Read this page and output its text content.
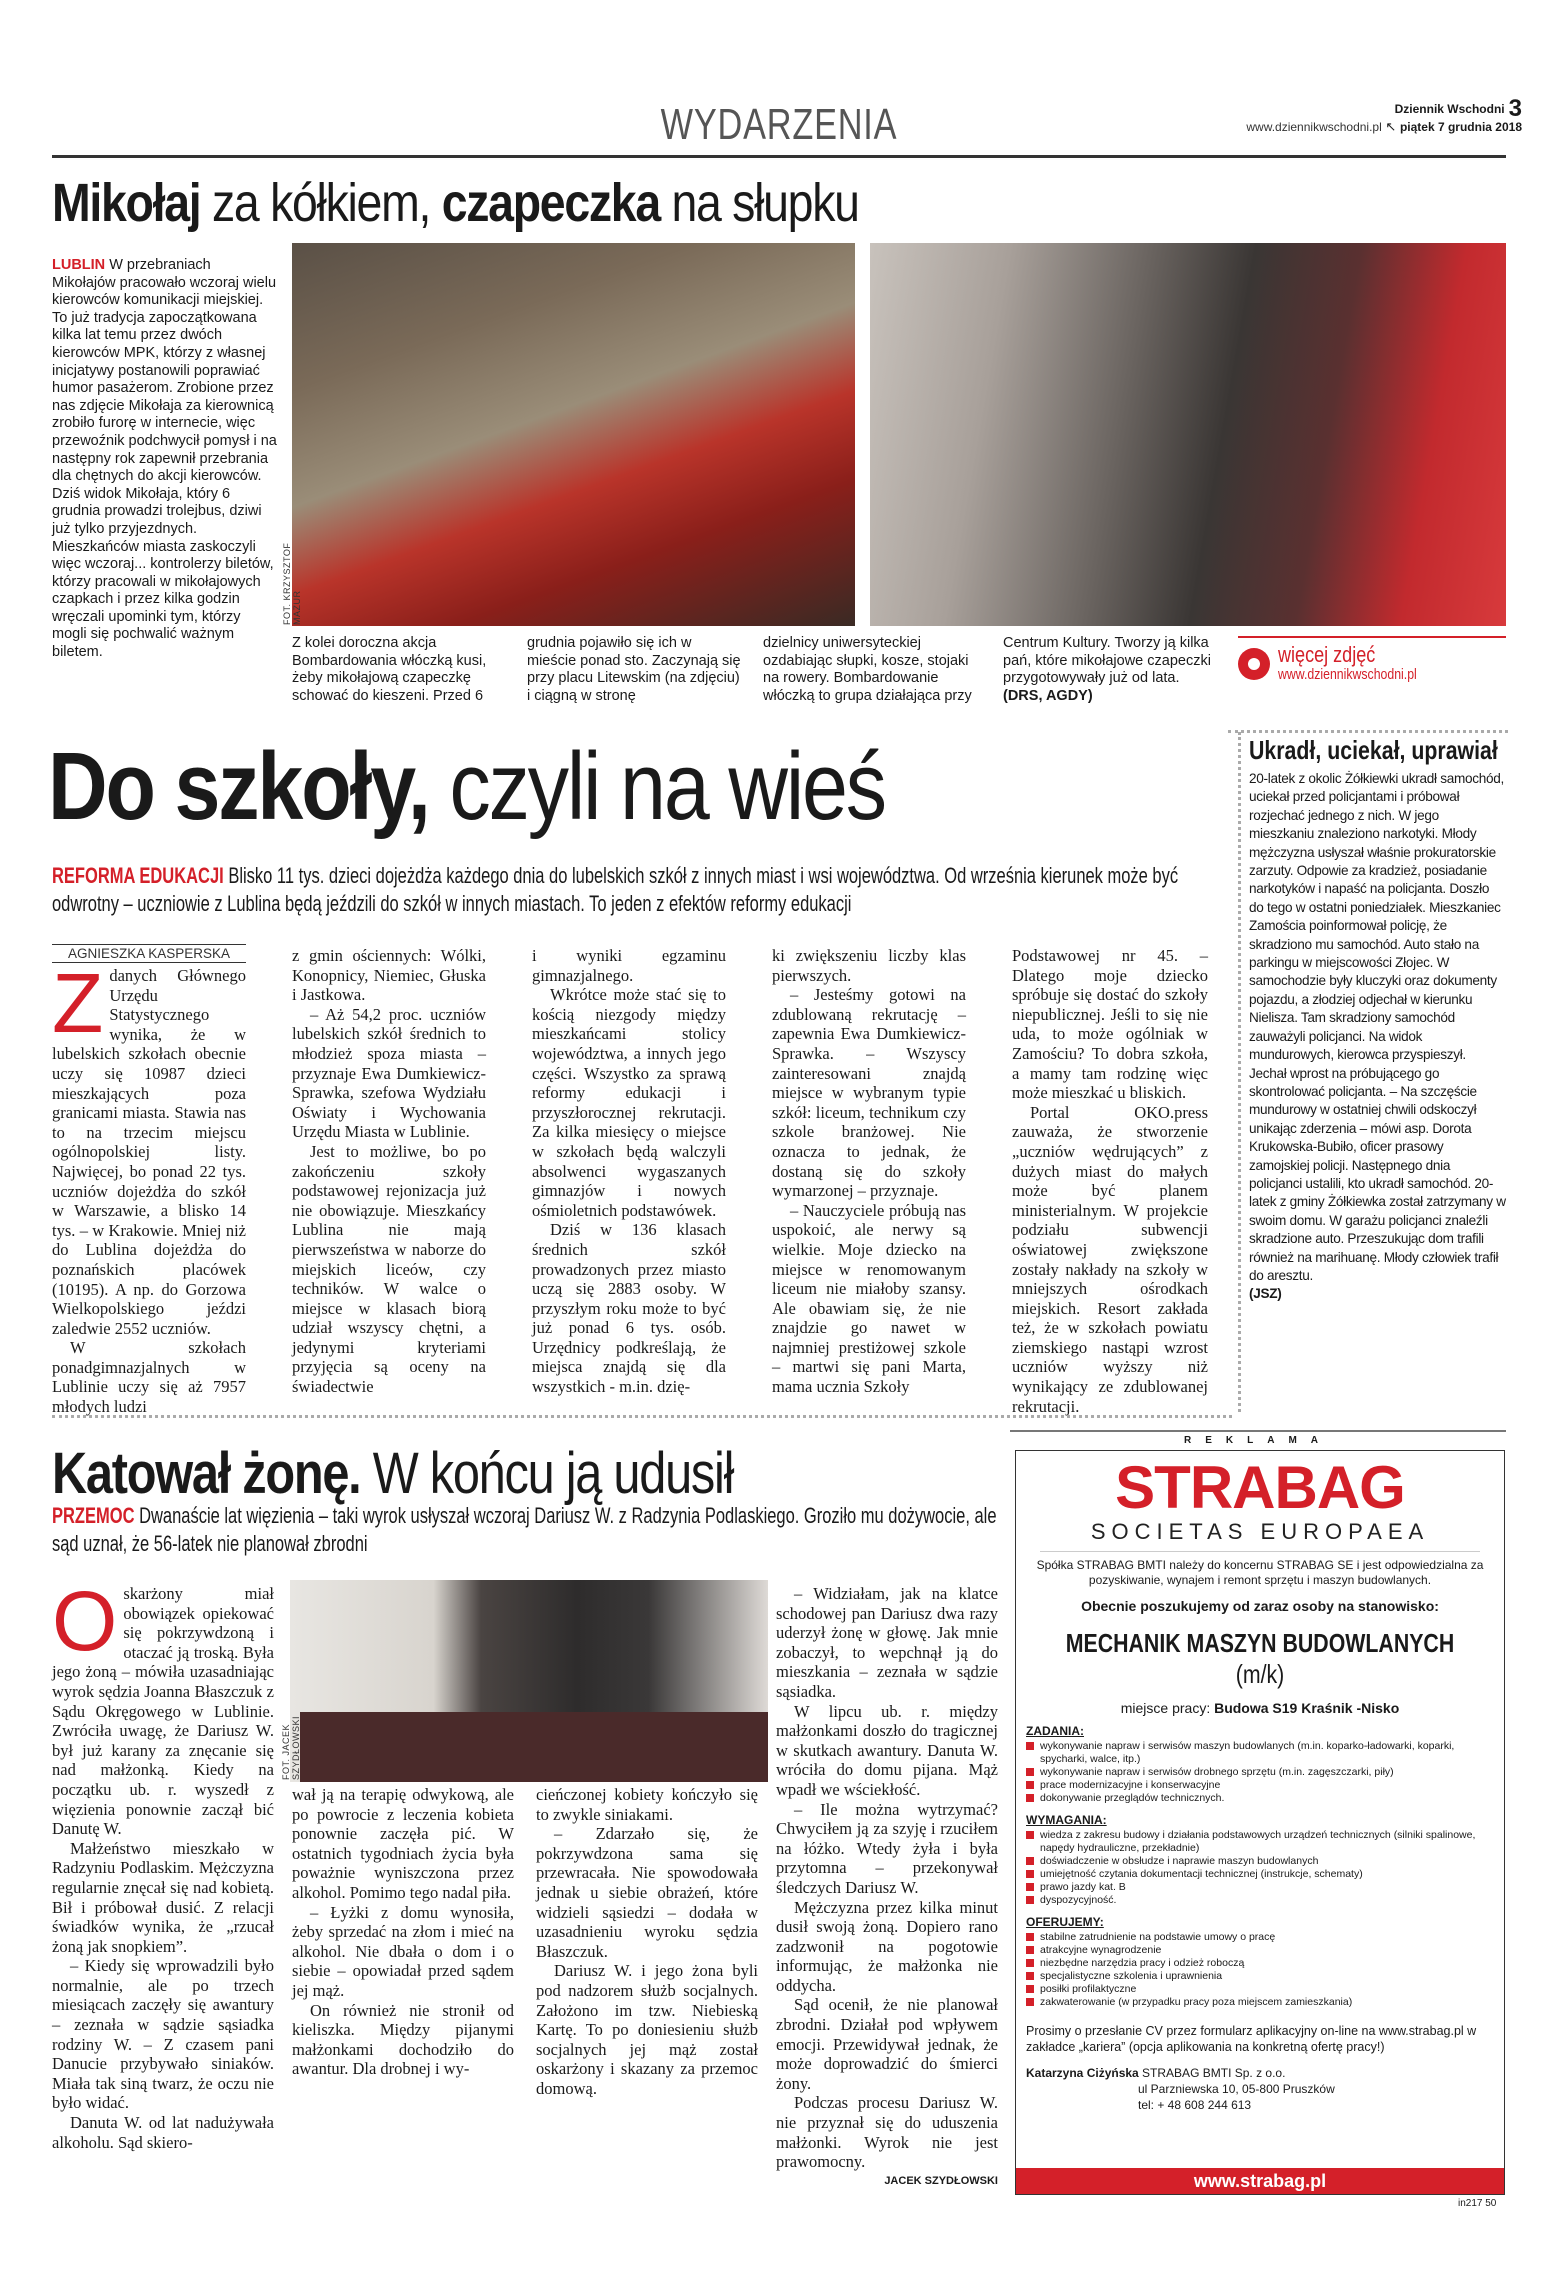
WYDARZENIA	Dziennik Wschodni 3
www.dziennikwschodni.pl ↖ piątek 7 grudnia 2018
Mikołaj za kółkiem, czapeczka na słupku
LUBLIN W przebraniach Mikołajów pracowało wczoraj wielu kierowców komunikacji miejskiej. To już tradycja zapoczątkowana kilka lat temu przez dwóch kierowców MPK, którzy z własnej inicjatywy postanowili poprawiać humor pasażerom. Zrobione przez nas zdjęcie Mikołaja za kierownicą zrobiło furorę w internecie, więc przewoźnik podchwycił pomysł i na następny rok zapewnił przebrania dla chętnych do akcji kierowców. Dziś widok Mikołaja, który 6 grudnia prowadzi trolejbus, dziwi już tylko przyjezdnych. Mieszkańców miasta zaskoczyli więc wczoraj... kontrolerzy biletów, którzy pracowali w mikołajowych czapkach i przez kilka godzin wręczali upominki tym, którzy mogli się pochwalić ważnym biletem.
FOT. KRZYSZTOF MAZUR
Z kolei doroczna akcja Bombardowania włóczką kusi, żeby mikołajową czapeczkę schować do kieszeni. Przed 6
grudnia pojawiło się ich w mieście ponad sto. Zaczynają się przy placu Litewskim (na zdjęciu) i ciągną w stronę
dzielnicy uniwersyteckiej ozdabiając słupki, kosze, stojaki na rowery. Bombardowanie włóczką to grupa działająca przy
Centrum Kultury. Tworzy ją kilka pań, które mikołajowe czapeczki przygotowywały już od lata.
(DRS, AGDY)
więcej zdjęć
www.dziennikwschodni.pl
Do szkoły, czyli na wieś
REFORMA EDUKACJI Blisko 11 tys. dzieci dojeżdża każdego dnia do lubelskich szkół z innych miast i wsi województwa. Od września kierunek może być odwrotny – uczniowie z Lublina będą jeździli do szkół w innych miastach. To jeden z efektów reformy edukacji
AGNIESZKA KASPERSKA
Z danych Głównego Urzędu Statystycznego wynika, że w lubelskich szkołach obecnie uczy się 10987 dzieci mieszkających poza granicami miasta. Stawia nas to na trzecim miejscu ogólnopolskiej listy. Najwięcej, bo ponad 22 tys. uczniów dojeżdża do szkół w Warszawie, a blisko 14 tys. – w Krakowie. Mniej niż do Lublina dojeżdża do poznańskich placówek (10195). A np. do Gorzowa Wielkopolskiego jeździ zaledwie 2552 uczniów.

W szkołach ponadgimnazjalnych w Lublinie uczy się aż 7957 młodych ludzi

z gmin ościennych: Wólki, Konopnicy, Niemiec, Głuska i Jastkowa.

– Aż 54,2 proc. uczniów lubelskich szkół średnich to młodzież spoza miasta – przyznaje Ewa Dumkiewicz-Sprawka, szefowa Wydziału Oświaty i Wychowania Urzędu Miasta w Lublinie.

Jest to możliwe, bo po zakończeniu szkoły podstawowej rejonizacja już nie obowiązuje. Mieszkańcy Lublina nie mają pierwszeństwa w naborze do miejskich liceów, czy techników. W walce o miejsce w klasach biorą udział wszyscy chętni, a jedynymi kryteriami przyjęcia są oceny na świadectwie

i wyniki egzaminu gimnazjalnego.

Wkrótce może stać się to kością niezgody między mieszkańcami stolicy województwa, a innych jego części. Wszystko za sprawą reformy edukacji i przyszłorocznej rekrutacji. Za kilka miesięcy o miejsce w szkołach będą walczyli absolwenci wygaszanych gimnazjów i nowych ośmioletnich podstawówek.

Dziś w 136 klasach średnich szkół prowadzonych przez miasto uczą się 2883 osoby. W przyszłym roku może to być już ponad 6 tys. osób. Urzędnicy podkreślają, że miejsca znajdą się dla wszystkich - m.in. dzię-

ki zwiększeniu liczby klas pierwszych.

– Jesteśmy gotowi na zdublowaną rekrutację – zapewnia Ewa Dumkiewicz-Sprawka. – Wszyscy zainteresowani znajdą miejsce w wybranym typie szkół: liceum, technikum czy szkole branżowej. Nie oznacza to jednak, że dostaną się do szkoły wymarzonej – przyznaje.

– Nauczyciele próbują nas uspokoić, ale nerwy są wielkie. Moje dziecko na miejsce w renomowanym liceum nie miałoby szansy. Ale obawiam się, że nie znajdzie go nawet w najmniej prestiżowej szkole – martwi się pani Marta, mama ucznia Szkoły

Podstawowej nr 45. – Dlatego moje dziecko spróbuje się dostać do szkoły niepublicznej. Jeśli to się nie uda, to może ogólniak w Zamościu? To dobra szkoła, a mamy tam rodzinę więc może mieszkać u bliskich.

Portal OKO.press zauważa, że stworzenie „uczniów wędrujących” z dużych miast do małych może być planem ministerialnym. W projekcie podziału subwencji oświatowej zwiększone zostały nakłady na szkoły w mniejszych ośrodkach miejskich. Resort zakłada też, że w szkołach powiatu ziemskiego nastąpi wzrost uczniów wyższy niż wynikający ze zdublowanej rekrutacji.

Ukradł, uciekał, uprawiał
20-latek z okolic Żółkiewki ukradł samochód, uciekał przed policjantami i próbował rozjechać jednego z nich. W jego mieszkaniu znaleziono narkotyki. Młody mężczyzna usłyszał właśnie prokuratorskie zarzuty. Odpowie za kradzież, posiadanie narkotyków i napaść na policjanta. Doszło do tego w ostatni poniedziałek. Mieszkaniec Zamościa poinformował policję, że skradziono mu samochód. Auto stało na parkingu w miejscowości Złojec. W samochodzie były kluczyki oraz dokumenty pojazdu, a złodziej odjechał w kierunku Nielisza. Tam skradziony samochód zauważyli policjanci. Na widok mundurowych, kierowca przyspieszył. Jechał wprost na próbującego go skontrolować policjanta. – Na szczęście mundurowy w ostatniej chwili odskoczył unikając zderzenia – mówi asp. Dorota Krukowska-Bubiło, oficer prasowy zamojskiej policji. Następnego dnia policjanci ustalili, kto ukradł samochód. 20-latek z gminy Żółkiewka został zatrzymany w swoim domu. W garażu policjanci znaleźli skradzione auto. Przeszukując dom trafili również na marihuanę. Młody człowiek trafił do aresztu.
(JSZ)
Katował żonę. W końcu ją udusił
PRZEMOC Dwanaście lat więzienia – taki wyrok usłyszał wczoraj Dariusz W. z Radzynia Podlaskiego. Groziło mu dożywocie, ale sąd uznał, że 56-latek nie planował zbrodni
O skarżony miał obowiązek opiekować się pokrzywdzoną i otaczać ją troską. Była jego żoną – mówiła uzasadniając wyrok sędzia Joanna Błaszczuk z Sądu Okręgowego w Lublinie. Zwróciła uwagę, że Dariusz W. był już karany za znęcanie się nad małżonką. Kiedy na początku ub. r. wyszedł z więzienia ponownie zaczął bić Danutę W.

Małżeństwo mieszkało w Radzyniu Podlaskim. Mężczyzna regularnie znęcał się nad kobietą. Bił i próbował dusić. Z relacji świadków wynika, że „rzucał żoną jak snopkiem”.

– Kiedy się wprowadzili było normalnie, ale po trzech miesiącach zaczęły się awantury – zeznała w sądzie sąsiadka rodziny W. – Z czasem pani Danucie przybywało siniaków. Miała tak siną twarz, że oczu nie było widać.

Danuta W. od lat nadużywała alkoholu. Sąd skiero-

FOT. JACEK SZYDŁOWSKI

wał ją na terapię odwykową, ale po powrocie z leczenia kobieta ponownie zaczęła pić. W ostatnich tygodniach życia była poważnie wyniszczona przez alkohol. Pomimo tego nadal piła.

– Łyżki z domu wynosiła, żeby sprzedać na złom i mieć na alkohol. Nie dbała o dom i o siebie – opowiadał przed sądem jej mąż.

On również nie stronił od kieliszka. Między pijanymi małżonkami dochodziło do awantur. Dla drobnej i wy-

cieńczonej kobiety kończyło się to zwykle siniakami.

– Zdarzało się, że pokrzywdzona sama się przewracała. Nie spowodowała jednak u siebie obrażeń, które widzieli sąsiedzi – dodała w uzasadnieniu wyroku sędzia Błaszczuk.

Dariusz W. i jego żona byli pod nadzorem służb socjalnych. Założono im tzw. Niebieską Kartę. To po doniesieniu służb socjalnych jej mąż został oskarżony i skazany za przemoc domową.

– Widziałam, jak na klatce schodowej pan Dariusz dwa razy uderzył żonę w głowę. Jak mnie zobaczył, to wepchnął ją do mieszkania – zeznała w sądzie sąsiadka.

W lipcu ub. r. między małżonkami doszło do tragicznej w skutkach awantury. Danuta W. wróciła do domu pijana. Mąż wpadł we wściekłość.

– Ile można wytrzymać? Chwyciłem ją za szyję i rzuciłem na łóżko. Wtedy żyła i była przytomna – przekonywał śledczych Dariusz W.

Mężczyzna przez kilka minut dusił swoją żoną. Dopiero rano zadzwonił na pogotowie informując, że małżonka nie oddycha.

Sąd ocenił, że nie planował zbrodni. Działał pod wpływem emocji. Przewidywał jednak, że może doprowadzić do śmierci żony.

Podczas procesu Dariusz W. nie przyznał się do uduszenia małżonki. Wyrok nie jest prawomocny.

JACEK SZYDŁOWSKI
REKLAMA
STRABAG
SOCIETAS EUROPAEA
Spółka STRABAG BMTI należy do koncernu STRABAG SE i jest odpowiedzialna za pozyskiwanie, wynajem i remont sprzętu i maszyn budowlanych.
Obecnie poszukujemy od zaraz osoby na stanowisko:
MECHANIK MASZYN BUDOWLANYCH (m/k)
miejsce pracy: Budowa S19 Kraśnik -Nisko
ZADANIA:
wykonywanie napraw i serwisów maszyn budowlanych (m.in. koparko-ładowarki, koparki, spycharki, walce, itp.)
wykonywanie napraw i serwisów drobnego sprzętu (m.in. zagęszczarki, piły)
prace modernizacyjne i konserwacyjne
dokonywanie przeglądów technicznych.
WYMAGANIA:
wiedza z zakresu budowy i działania podstawowych urządzeń technicznych (silniki spalinowe, napędy hydrauliczne, przekładnie)
doświadczenie w obsłudze i naprawie maszyn budowlanych
umiejętność czytania dokumentacji technicznej (instrukcje, schematy)
prawo jazdy kat. B
dyspozycyjność.
OFERUJEMY:
stabilne zatrudnienie na podstawie umowy o pracę
atrakcyjne wynagrodzenie
niezbędne narzędzia pracy i odzież roboczą
specjalistyczne szkolenia i uprawnienia
posiłki profilaktyczne
zakwaterowanie (w przypadku pracy poza miejscem zamieszkania)
Prosimy o przesłanie CV przez formularz aplikacyjny on-line na www.strabag.pl w zakładce „kariera” (opcja aplikowania na konkretną ofertę pracy!)
Katarzyna Ciżyńska STRABAG BMTI Sp. z o.o.
ul Parzniewska 10, 05-800 Pruszków
tel: + 48 608 244 613
www.strabag.pl
in217 50
